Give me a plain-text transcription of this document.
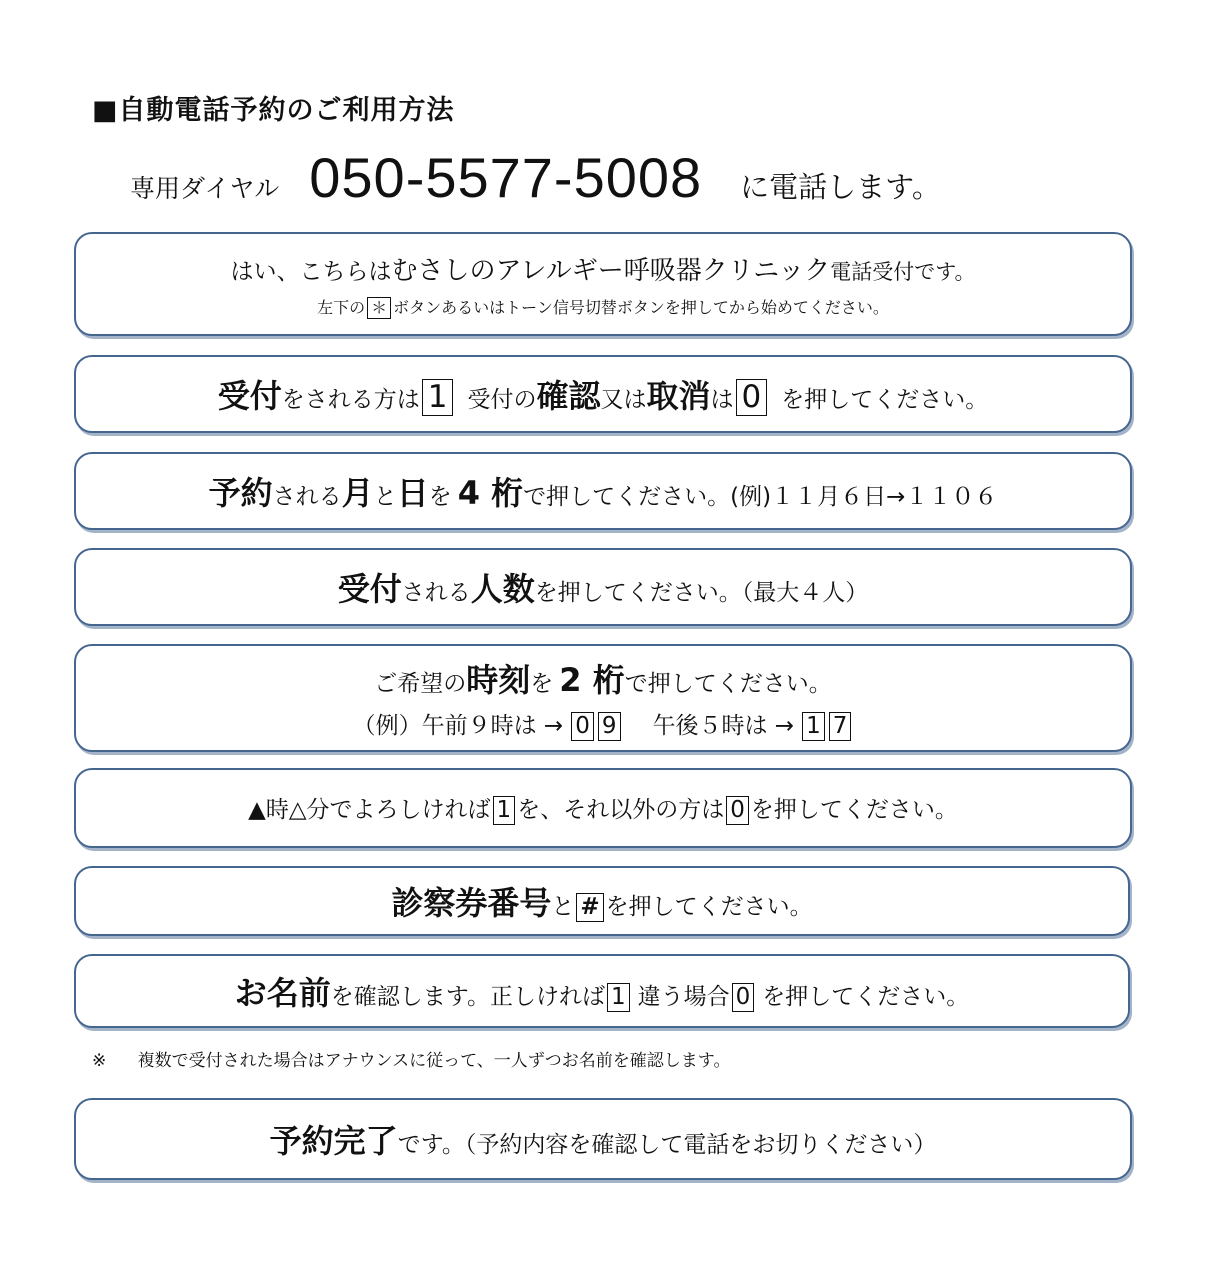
■自動電話予約のご利用方法
専用ダイヤル 050-5577-5008 に電話します。
はい、こちらは むさしのアレルギー呼吸器クリニック 電話受付です。
左下の ＊ ボタンあるいはトーン信号切替ボタンを押してから始めてください。
受付 をされる方は 1 受付の 確認 又は 取消 は 0 を押してください。
予約 される 月 と 日 を 4 桁 で押してください。(例)１１月６日→１１０６
受付 される 人数 を押してください。（最大４人）
ご希望の 時刻 を 2 桁 で押してください。
（例）午前９時は → 0 9 午後５時は → 1 7
▲時△分でよろしければ 1 を、それ以外の方は 0 を押してください。
診察券番号 と # を押してください。
お名前 を確認します。正しければ 1 違う場合 0 を押してください。
※ 複数で受付された場合はアナウンスに従って、一人ずつお名前を確認します。
予約完了 です。（予約内容を確認して電話をお切りください）
